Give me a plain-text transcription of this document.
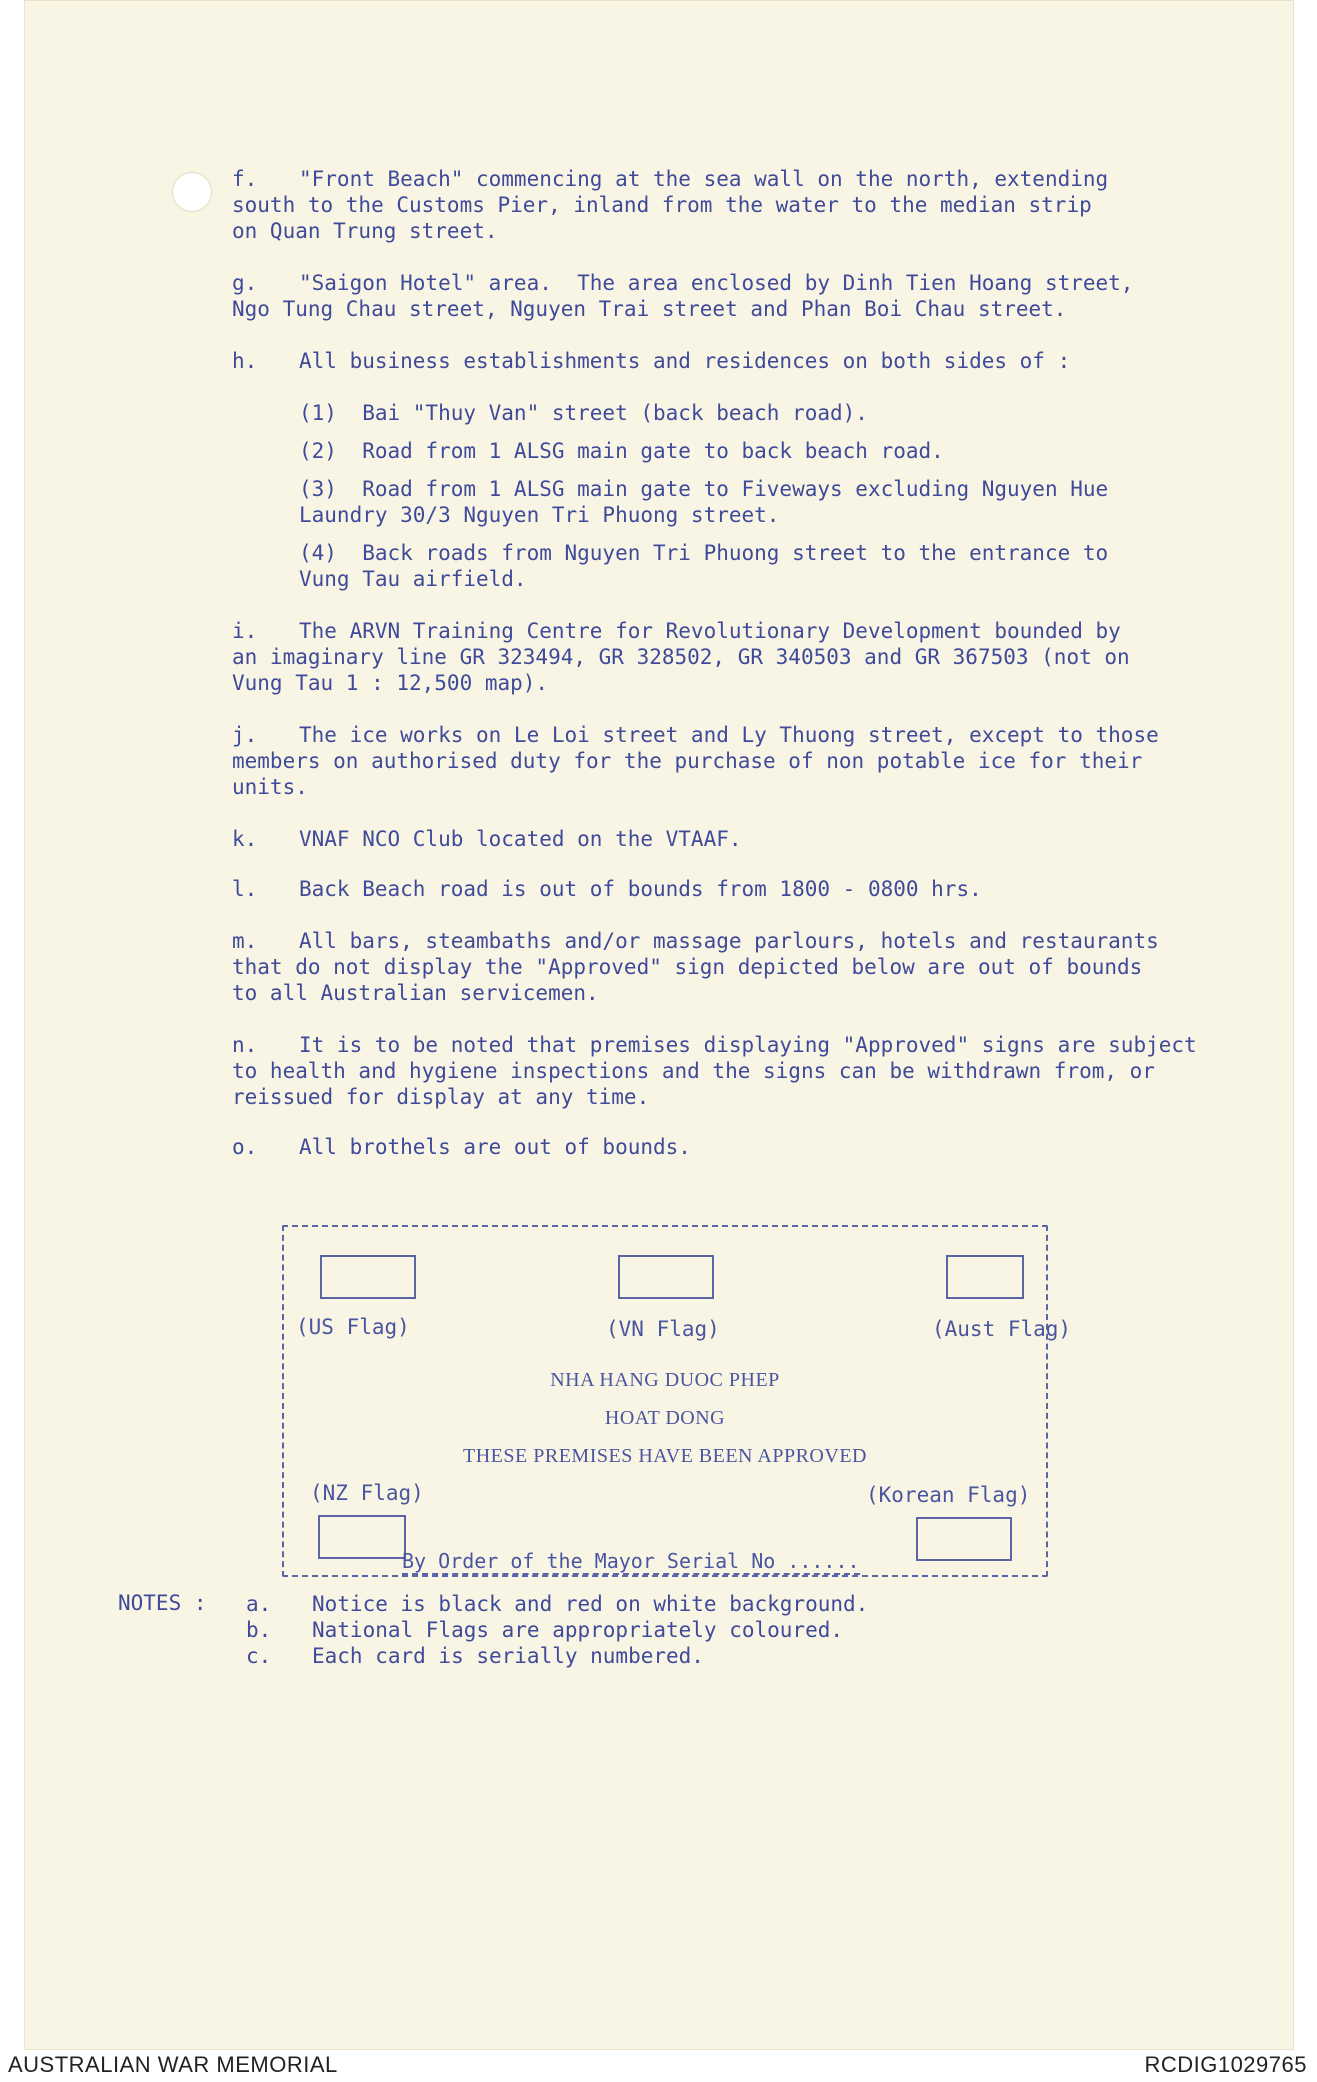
f. "Front Beach" commencing at the sea wall on the north, extending
south to the Customs Pier, inland from the water to the median strip
on Quan Trung street.
g. "Saigon Hotel" area.  The area enclosed by Dinh Tien Hoang street,
Ngo Tung Chau street, Nguyen Trai street and Phan Boi Chau street.
h. All business establishments and residences on both sides of :
(1)  Bai "Thuy Van" street (back beach road).
(2)  Road from 1 ALSG main gate to back beach road.
(3)  Road from 1 ALSG main gate to Fiveways excluding Nguyen Hue
Laundry 30/3 Nguyen Tri Phuong street.
(4)  Back roads from Nguyen Tri Phuong street to the entrance to
Vung Tau airfield.
i. The ARVN Training Centre for Revolutionary Development bounded by
an imaginary line GR 323494, GR 328502, GR 340503 and GR 367503 (not on
Vung Tau 1 : 12,500 map).
j. The ice works on Le Loi street and Ly Thuong street, except to those
members on authorised duty for the purchase of non potable ice for their
units.
k. VNAF NCO Club located on the VTAAF.
l. Back Beach road is out of bounds from 1800 - 0800 hrs.
m. All bars, steambaths and/or massage parlours, hotels and restaurants
that do not display the "Approved" sign depicted below are out of bounds
to all Australian servicemen.
n. It is to be noted that premises displaying "Approved" signs are subject
to health and hygiene inspections and the signs can be withdrawn from, or
reissued for display at any time.
o. All brothels are out of bounds.
(US Flag)	(VN Flag)	(Aust Flag)
NHA HANG DUOC PHEP
HOAT DONG
THESE PREMISES HAVE BEEN APPROVED
(NZ Flag)	(Korean Flag)
By Order of the Mayor Serial No ......
NOTES : a. Notice is black and red on white background.
b. National Flags are appropriately coloured.
c. Each card is serially numbered.
AUSTRALIAN WAR MEMORIAL	RCDIG1029765
